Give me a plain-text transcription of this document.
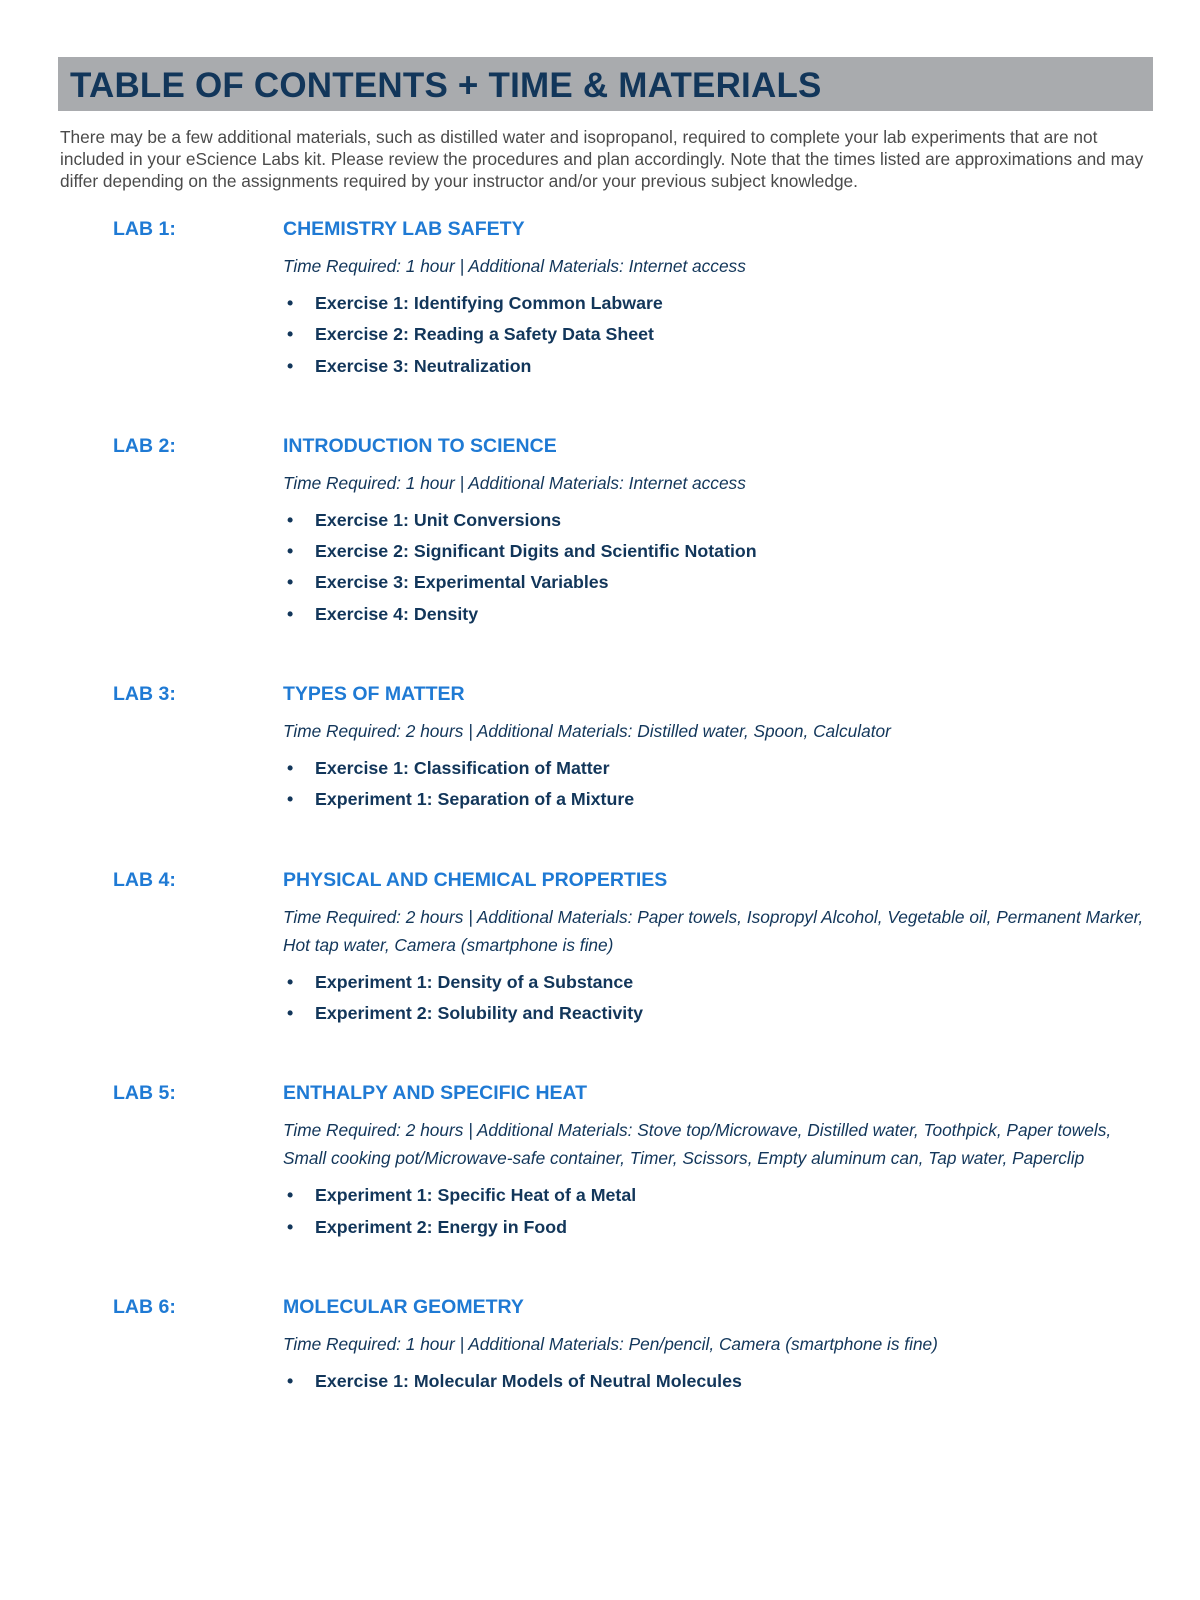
TABLE OF CONTENTS + TIME & MATERIALS

There may be a few additional materials, such as distilled water and isopropanol, required to complete your lab experiments that are not included in your eScience Labs kit. Please review the procedures and plan accordingly. Note that the times listed are approximations and may differ depending on the assignments required by your instructor and/or your previous subject knowledge.

LAB 1:	CHEMISTRY LAB SAFETY
Time Required: 1 hour | Additional Materials: Internet access
• Exercise 1: Identifying Common Labware
• Exercise 2: Reading a Safety Data Sheet
• Exercise 3: Neutralization
LAB 2:	INTRODUCTION TO SCIENCE
Time Required: 1 hour | Additional Materials: Internet access
• Exercise 1: Unit Conversions
• Exercise 2: Significant Digits and Scientific Notation
• Exercise 3: Experimental Variables
• Exercise 4: Density
LAB 3:	TYPES OF MATTER
Time Required: 2 hours | Additional Materials: Distilled water, Spoon, Calculator
• Exercise 1: Classification of Matter
• Experiment 1: Separation of a Mixture
LAB 4:	PHYSICAL AND CHEMICAL PROPERTIES
Time Required: 2 hours | Additional Materials: Paper towels, Isopropyl Alcohol, Vegetable oil, Permanent Marker, Hot tap water, Camera (smartphone is fine)
• Experiment 1: Density of a Substance
• Experiment 2: Solubility and Reactivity
LAB 5:	ENTHALPY AND SPECIFIC HEAT
Time Required: 2 hours | Additional Materials: Stove top/Microwave, Distilled water, Toothpick, Paper towels, Small cooking pot/Microwave-safe container, Timer, Scissors, Empty aluminum can, Tap water, Paperclip
• Experiment 1: Specific Heat of a Metal
• Experiment 2: Energy in Food
LAB 6:	MOLECULAR GEOMETRY
Time Required: 1 hour | Additional Materials: Pen/pencil, Camera (smartphone is fine)
• Exercise 1: Molecular Models of Neutral Molecules
